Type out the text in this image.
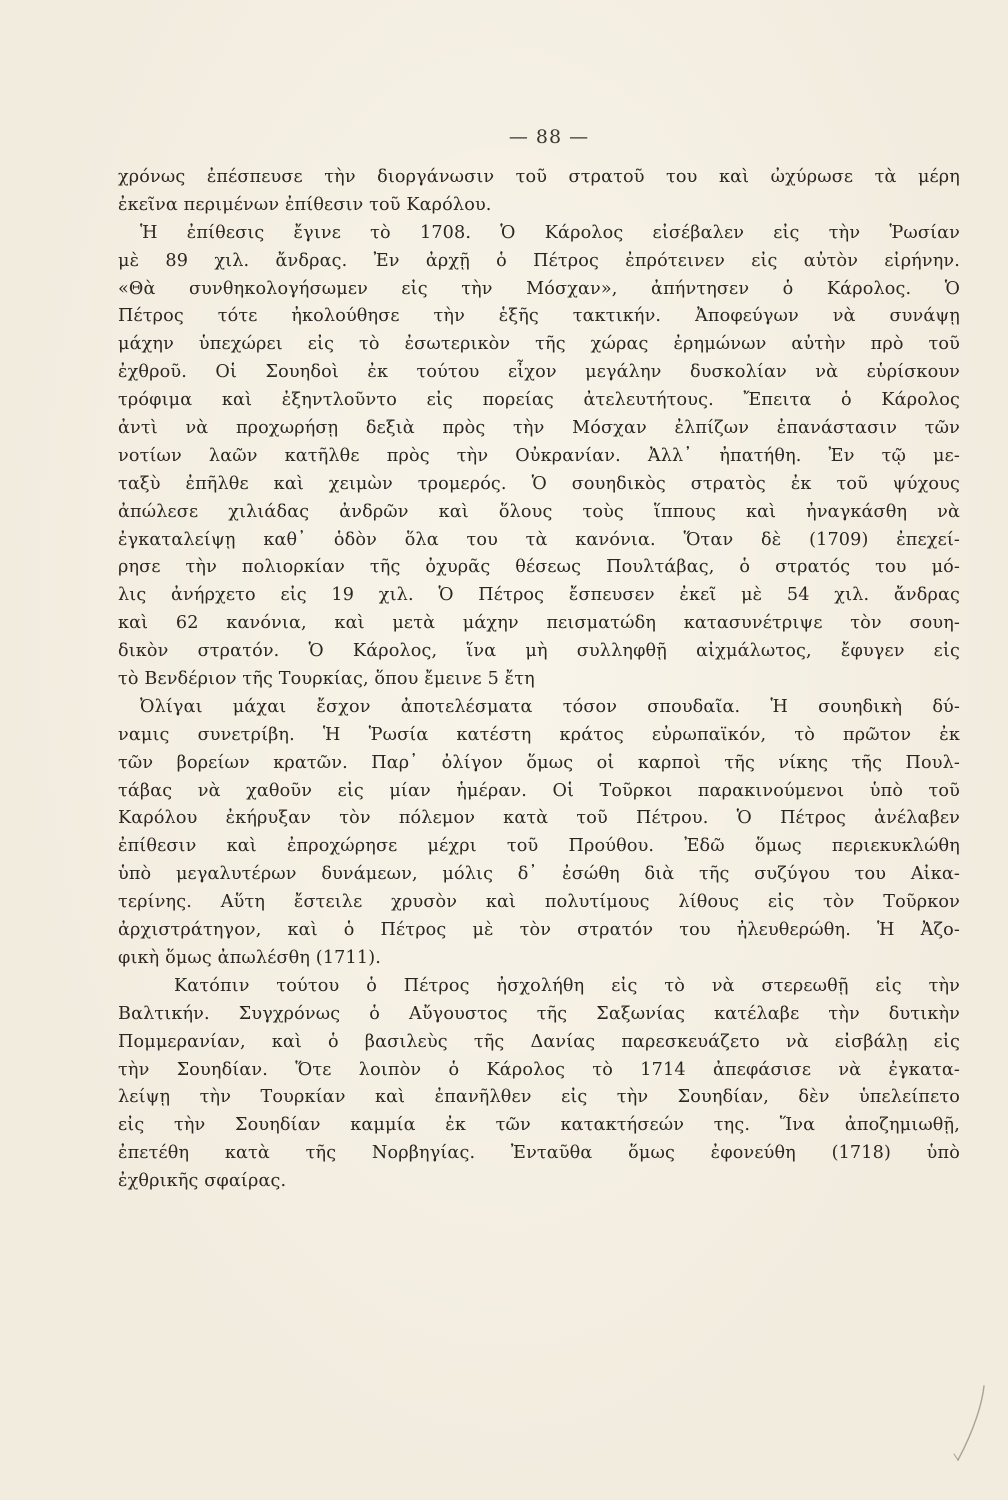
— 88 —
χρόνως ἐπέσπευσε τὴν διοργάνωσιν τοῦ στρατοῦ του καὶ ὠχύρωσε τὰ μέρη
ἐκεῖνα περιμένων ἐπίθεσιν τοῦ Καρόλου.
Ἡ ἐπίθεσις ἔγινε τὸ 1708. Ὁ Κάρολος εἰσέβαλεν εἰς τὴν Ῥωσίαν
μὲ 89 χιλ. ἄνδρας. Ἐν ἀρχῇ ὁ Πέτρος ἐπρότεινεν εἰς αὐτὸν εἰρήνην.
«Θὰ συνθηκολογήσωμεν εἰς τὴν Μόσχαν», ἀπήντησεν ὁ Κάρολος. Ὁ
Πέτρος τότε ἠκολούθησε τὴν ἑξῆς τακτικήν. Ἀποφεύγων νὰ συνάψῃ
μάχην ὑπεχώρει εἰς τὸ ἐσωτερικὸν τῆς χώρας ἐρημώνων αὐτὴν πρὸ τοῦ
ἐχθροῦ. Οἱ Σουηδοὶ ἐκ τούτου εἶχον μεγάλην δυσκολίαν νὰ εὑρίσκουν
τρόφιμα καὶ ἐξηντλοῦντο εἰς πορείας ἀτελευτήτους. Ἔπειτα ὁ Κάρολος
ἀντὶ νὰ προχωρήσῃ δεξιὰ πρὸς τὴν Μόσχαν ἐλπίζων ἐπανάστασιν τῶν
νοτίων λαῶν κατῆλθε πρὸς τὴν Οὐκρανίαν. Ἀλλ᾽ ἠπατήθη. Ἐν τῷ με-
ταξὺ ἐπῆλθε καὶ χειμὼν τρομερός. Ὁ σουηδικὸς στρατὸς ἐκ τοῦ ψύχους
ἀπώλεσε χιλιάδας ἀνδρῶν καὶ ὅλους τοὺς ἵππους καὶ ἠναγκάσθη νὰ
ἐγκαταλείψῃ καθ᾽ ὁδὸν ὅλα του τὰ κανόνια. Ὅταν δὲ (1709) ἐπεχεί-
ρησε τὴν πολιορκίαν τῆς ὀχυρᾶς θέσεως Πουλτάβας, ὁ στρατός του μό-
λις ἀνήρχετο εἰς 19 χιλ. Ὁ Πέτρος ἔσπευσεν ἐκεῖ μὲ 54 χιλ. ἄνδρας
καὶ 62 κανόνια, καὶ μετὰ μάχην πεισματώδη κατασυνέτριψε τὸν σουη-
δικὸν στρατόν. Ὁ Κάρολος, ἵνα μὴ συλληφθῇ αἰχμάλωτος, ἔφυγεν εἰς
τὸ Βενδέριον τῆς Τουρκίας, ὅπου ἔμεινε 5 ἔτη
Ὀλίγαι μάχαι ἔσχον ἀποτελέσματα τόσον σπουδαῖα. Ἡ σουηδικὴ δύ-
ναμις συνετρίβη. Ἡ Ῥωσία κατέστη κράτος εὐρωπαϊκόν, τὸ πρῶτον ἐκ
τῶν βορείων κρατῶν. Παρ᾽ ὀλίγον ὅμως οἱ καρποὶ τῆς νίκης τῆς Πουλ-
τάβας νὰ χαθοῦν εἰς μίαν ἡμέραν. Οἱ Τοῦρκοι παρακινούμενοι ὑπὸ τοῦ
Καρόλου ἐκήρυξαν τὸν πόλεμον κατὰ τοῦ Πέτρου. Ὁ Πέτρος ἀνέλαβεν
ἐπίθεσιν καὶ ἐπροχώρησε μέχρι τοῦ Προύθου. Ἐδῶ ὅμως περιεκυκλώθη
ὑπὸ μεγαλυτέρων δυνάμεων, μόλις δ᾽ ἐσώθη διὰ τῆς συζύγου του Αἰκα-
τερίνης. Αὕτη ἔστειλε χρυσὸν καὶ πολυτίμους λίθους εἰς τὸν Τοῦρκον
ἀρχιστράτηγον, καὶ ὁ Πέτρος μὲ τὸν στρατόν του ἠλευθερώθη. Ἡ Ἀζο-
φικὴ ὅμως ἀπωλέσθη (1711).
Κατόπιν τούτου ὁ Πέτρος ἠσχολήθη εἰς τὸ νὰ στερεωθῇ εἰς τὴν
Βαλτικήν. Συγχρόνως ὁ Αὔγουστος τῆς Σαξωνίας κατέλαβε τὴν δυτικὴν
Πομμερανίαν, καὶ ὁ βασιλεὺς τῆς Δανίας παρεσκευάζετο νὰ εἰσβάλῃ εἰς
τὴν Σουηδίαν. Ὅτε λοιπὸν ὁ Κάρολος τὸ 1714 ἀπεφάσισε νὰ ἐγκατα-
λείψῃ τὴν Τουρκίαν καὶ ἐπανῆλθεν εἰς τὴν Σουηδίαν, δὲν ὑπελείπετο
εἰς τὴν Σουηδίαν καμμία ἐκ τῶν κατακτήσεών της. Ἵνα ἀποζημιωθῇ,
ἐπετέθη κατὰ τῆς Νορβηγίας. Ἐνταῦθα ὅμως ἐφονεύθη (1718) ὑπὸ
ἐχθρικῆς σφαίρας.
